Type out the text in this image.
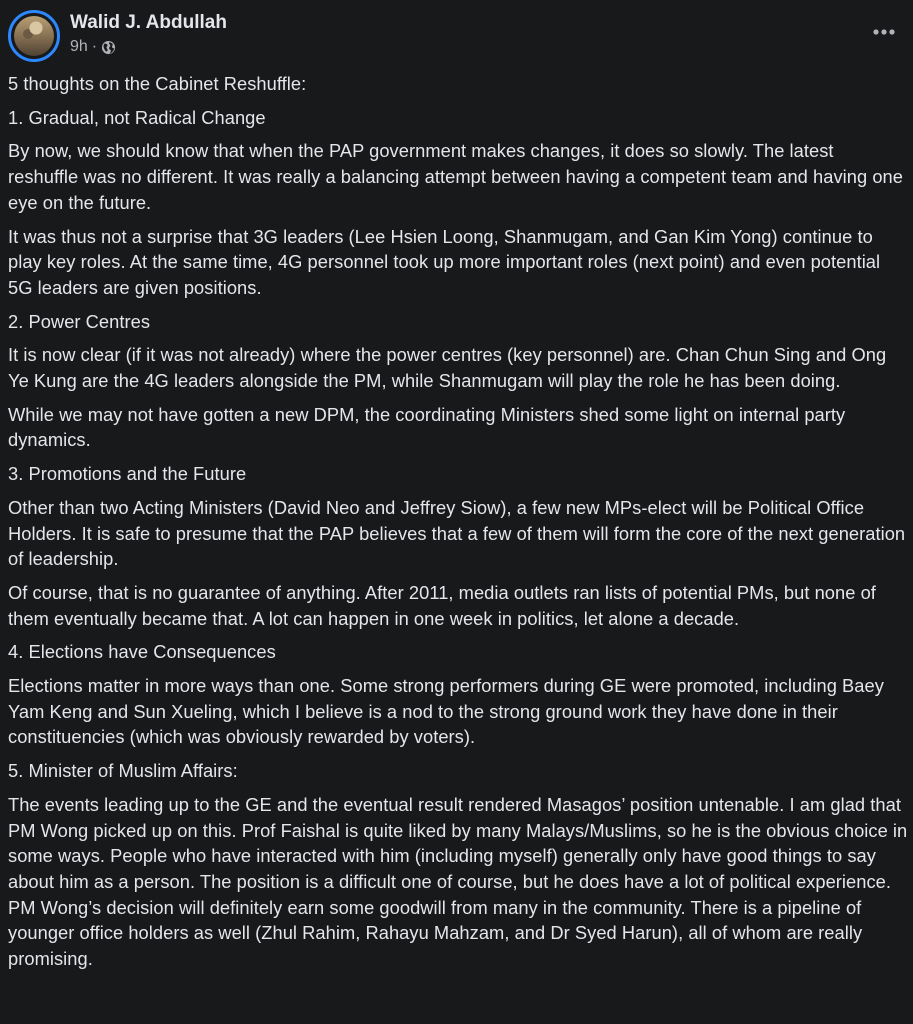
Walid J. Abdullah
9h ·

5 thoughts on the Cabinet Reshuffle:

1. Gradual, not Radical Change

By now, we should know that when the PAP government makes changes, it does so slowly. The latest reshuffle was no different. It was really a balancing attempt between having a competent team and having one eye on the future.

It was thus not a surprise that 3G leaders (Lee Hsien Loong, Shanmugam, and Gan Kim Yong) continue to play key roles. At the same time, 4G personnel took up more important roles (next point) and even potential 5G leaders are given positions.

2. Power Centres

It is now clear (if it was not already) where the power centres (key personnel) are. Chan Chun Sing and Ong Ye Kung are the 4G leaders alongside the PM, while Shanmugam will play the role he has been doing.

While we may not have gotten a new DPM, the coordinating Ministers shed some light on internal party dynamics.

3. Promotions and the Future

Other than two Acting Ministers (David Neo and Jeffrey Siow), a few new MPs-elect will be Political Office Holders. It is safe to presume that the PAP believes that a few of them will form the core of the next generation of leadership.

Of course, that is no guarantee of anything. After 2011, media outlets ran lists of potential PMs, but none of them eventually became that. A lot can happen in one week in politics, let alone a decade.

4. Elections have Consequences

Elections matter in more ways than one. Some strong performers during GE were promoted, including Baey Yam Keng and Sun Xueling, which I believe is a nod to the strong ground work they have done in their constituencies (which was obviously rewarded by voters).

5. Minister of Muslim Affairs:

The events leading up to the GE and the eventual result rendered Masagos’ position untenable. I am glad that PM Wong picked up on this. Prof Faishal is quite liked by many Malays/Muslims, so he is the obvious choice in some ways. People who have interacted with him (including myself) generally only have good things to say about him as a person. The position is a difficult one of course, but he does have a lot of political experience. PM Wong’s decision will definitely earn some goodwill from many in the community. There is a pipeline of younger office holders as well (Zhul Rahim, Rahayu Mahzam, and Dr Syed Harun), all of whom are really promising.
